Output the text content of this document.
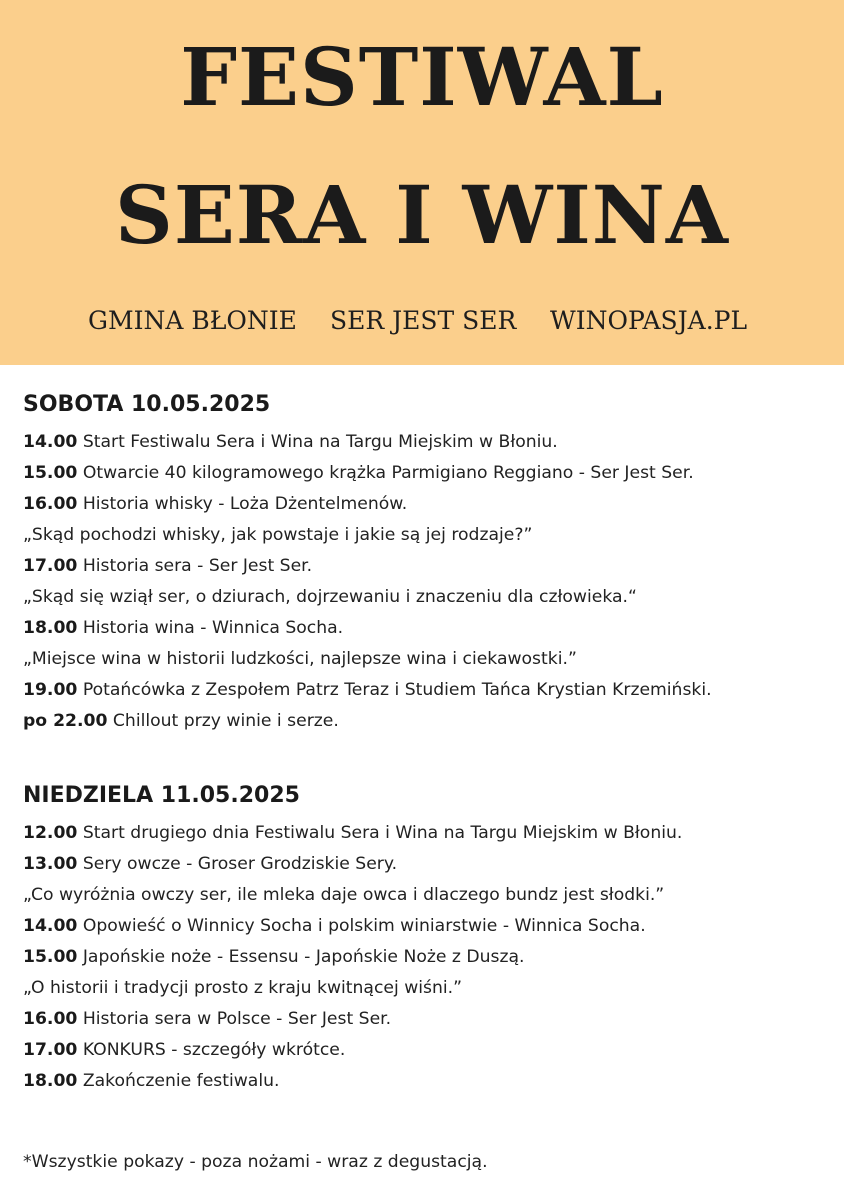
FESTIWAL
SERA I WINA
GMINA BŁONIE SER JEST SER WINOPASJA.PL
SOBOTA 10.05.2025
14.00 Start Festiwalu Sera i Wina na Targu Miejskim w Błoniu.
15.00 Otwarcie 40 kilogramowego krążka Parmigiano Reggiano - Ser Jest Ser.
16.00 Historia whisky - Loża Dżentelmenów.
„Skąd pochodzi whisky, jak powstaje i jakie są jej rodzaje?”
17.00 Historia sera - Ser Jest Ser.
„Skąd się wziął ser, o dziurach, dojrzewaniu i znaczeniu dla człowieka.“
18.00 Historia wina - Winnica Socha.
„Miejsce wina w historii ludzkości, najlepsze wina i ciekawostki.”
19.00 Potańcówka z Zespołem Patrz Teraz i Studiem Tańca Krystian Krzemiński.
po 22.00 Chillout przy winie i serze.
NIEDZIELA 11.05.2025
12.00 Start drugiego dnia Festiwalu Sera i Wina na Targu Miejskim w Błoniu.
13.00 Sery owcze - Groser Grodziskie Sery.
„Co wyróżnia owczy ser, ile mleka daje owca i dlaczego bundz jest słodki.”
14.00 Opowieść o Winnicy Socha i polskim winiarstwie - Winnica Socha.
15.00 Japońskie noże - Essensu - Japońskie Noże z Duszą.
„O historii i tradycji prosto z kraju kwitnącej wiśni.”
16.00 Historia sera w Polsce - Ser Jest Ser.
17.00 KONKURS - szczegóły wkrótce.
18.00 Zakończenie festiwalu.
*Wszystkie pokazy - poza nożami - wraz z degustacją.
